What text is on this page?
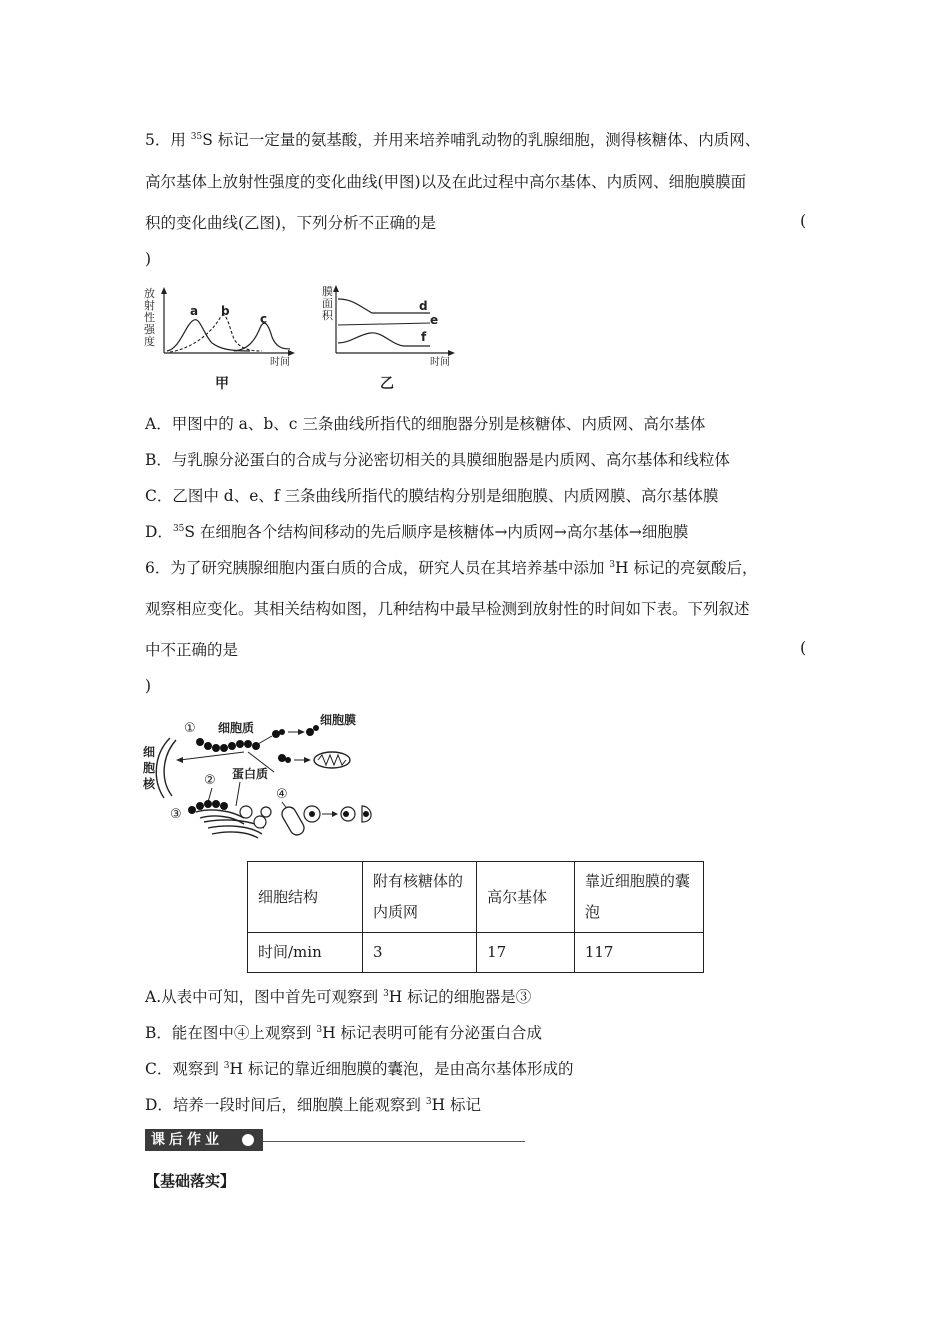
5．用 $^{35}$S 标记一定量的氨基酸，并用来培养哺乳动物的乳腺细胞，测得核糖体、内质网、
高尔基体上放射性强度的变化曲线(甲图)以及在此过程中高尔基体、内质网、细胞膜膜面
积的变化曲线(乙图)，下列分析不正确的是	(
)
放
射
性
强
度
a b
c
时间
甲
膜
面
积
d
e
f
时间
乙
A．甲图中的 a、b、c 三条曲线所指代的细胞器分别是核糖体、内质网、高尔基体
B．与乳腺分泌蛋白的合成与分泌密切相关的具膜细胞器是内质网、高尔基体和线粒体
C．乙图中 d、e、f 三条曲线所指代的膜结构分别是细胞膜、内质网膜、高尔基体膜
D．$^{35}$S 在细胞各个结构间移动的先后顺序是核糖体→内质网→高尔基体→细胞膜
6．为了研究胰腺细胞内蛋白质的合成，研究人员在其培养基中添加 $^3$H 标记的亮氨酸后，
观察相应变化。其相关结构如图，几种结构中最早检测到放射性的时间如下表。下列叙述
中不正确的是	(
)
细
胞
核
① 细胞质
细胞膜
蛋白质
②
③
④
细胞结构	附有核糖体的内质网	高尔基体	靠近细胞膜的囊泡
时间/min	3	17	117
A.从表中可知，图中首先可观察到 $^3$H 标记的细胞器是③
B．能在图中④上观察到 $^3$H 标记表明可能有分泌蛋白合成
C．观察到 $^3$H 标记的靠近细胞膜的囊泡，是由高尔基体形成的
D．培养一段时间后，细胞膜上能观察到 $^3$H 标记
课后作业
【基础落实】
